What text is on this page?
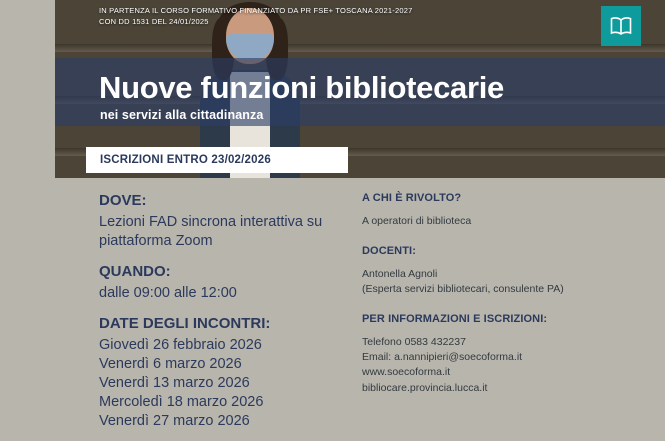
IN PARTENZA IL CORSO FORMATIVO FINANZIATO DA PR FSE+ TOSCANA 2021-2027 CON DD 1531 DEL 24/01/2025
Nuove funzioni bibliotecarie
nei servizi alla cittadinanza
ISCRIZIONI ENTRO 23/02/2026
DOVE:
Lezioni FAD sincrona interattiva su piattaforma Zoom
QUANDO:
dalle 09:00 alle 12:00
DATE DEGLI INCONTRI:
Giovedì 26 febbraio 2026
Venerdì 6 marzo 2026
Venerdì 13 marzo 2026
Mercoledì 18 marzo 2026
Venerdì 27 marzo 2026
A CHI È RIVOLTO?
A operatori di biblioteca
DOCENTI:
Antonella Agnoli
(Esperta servizi bibliotecari, consulente PA)
PER INFORMAZIONI E ISCRIZIONI:
Telefono 0583 432237
Email: a.nannipieri@soecoforma.it
www.soecoforma.it
bibliocare.provincia.lucca.it
